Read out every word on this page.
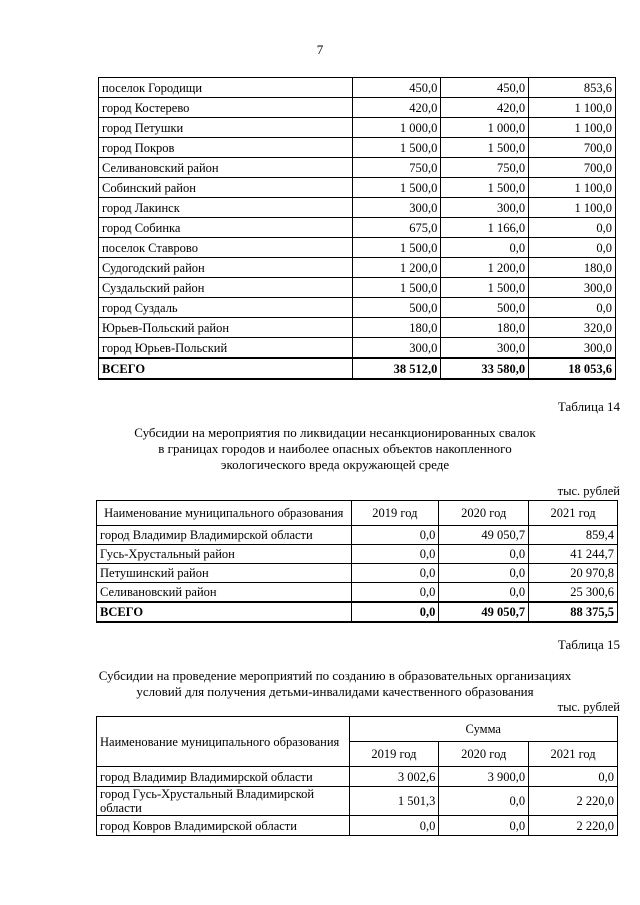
7
поселок Городищи	450,0	450,0	853,6
город Костерево	420,0	420,0	1 100,0
город Петушки	1 000,0	1 000,0	1 100,0
город Покров	1 500,0	1 500,0	700,0
Селивановский район	750,0	750,0	700,0
Собинский район	1 500,0	1 500,0	1 100,0
город Лакинск	300,0	300,0	1 100,0
город Собинка	675,0	1 166,0	0,0
поселок Ставрово	1 500,0	0,0	0,0
Судогодский район	1 200,0	1 200,0	180,0
Суздальский район	1 500,0	1 500,0	300,0
город Суздаль	500,0	500,0	0,0
Юрьев-Польский район	180,0	180,0	320,0
город Юрьев-Польский	300,0	300,0	300,0
ВСЕГО	38 512,0	33 580,0	18 053,6
Таблица 14
Субсидии на мероприятия по ликвидации несанкционированных свалок
в границах городов и наиболее опасных объектов накопленного
экологического вреда окружающей среде
тыс. рублей
Наименование муниципального образования	2019 год	2020 год	2021 год
город Владимир Владимирской области	0,0	49 050,7	859,4
Гусь-Хрустальный район	0,0	0,0	41 244,7
Петушинский район	0,0	0,0	20 970,8
Селивановский район	0,0	0,0	25 300,6
ВСЕГО	0,0	49 050,7	88 375,5
Таблица 15
Субсидии на проведение мероприятий по созданию в образовательных организациях
условий для получения детьми-инвалидами качественного образования
тыс. рублей
Наименование муниципального образования	Сумма		
	2019 год	2020 год	2021 год
город Владимир Владимирской области	3 002,6	3 900,0	0,0
город Гусь-Хрустальный Владимирской области	1 501,3	0,0	2 220,0
город Ковров Владимирской области	0,0	0,0	2 220,0
